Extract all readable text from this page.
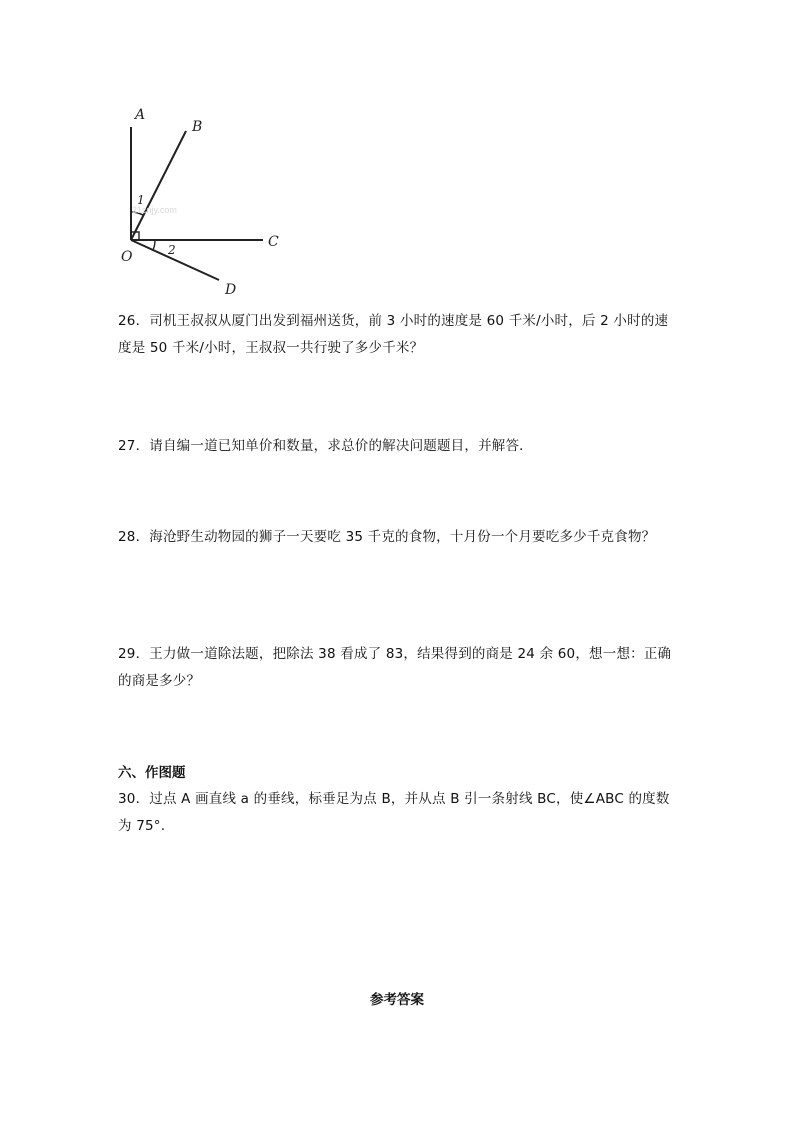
21cnjy.com
A
B
C
D
O
1
2
26．司机王叔叔从厦门出发到福州送货，前 3 小时的速度是 60 千米/小时，后 2 小时的速度是 50 千米/小时，王叔叔一共行驶了多少千米？
27．请自编一道已知单价和数量，求总价的解决问题题目，并解答．
28．海沧野生动物园的狮子一天要吃 35 千克的食物，十月份一个月要吃多少千克食物？
29．王力做一道除法题，把除法 38 看成了 83，结果得到的商是 24 余 60，想一想：正确的商是多少？
六、作图题
30．过点 A 画直线 a 的垂线，标垂足为点 B，并从点 B 引一条射线 BC，使∠ABC 的度数为 75°.
参考答案
